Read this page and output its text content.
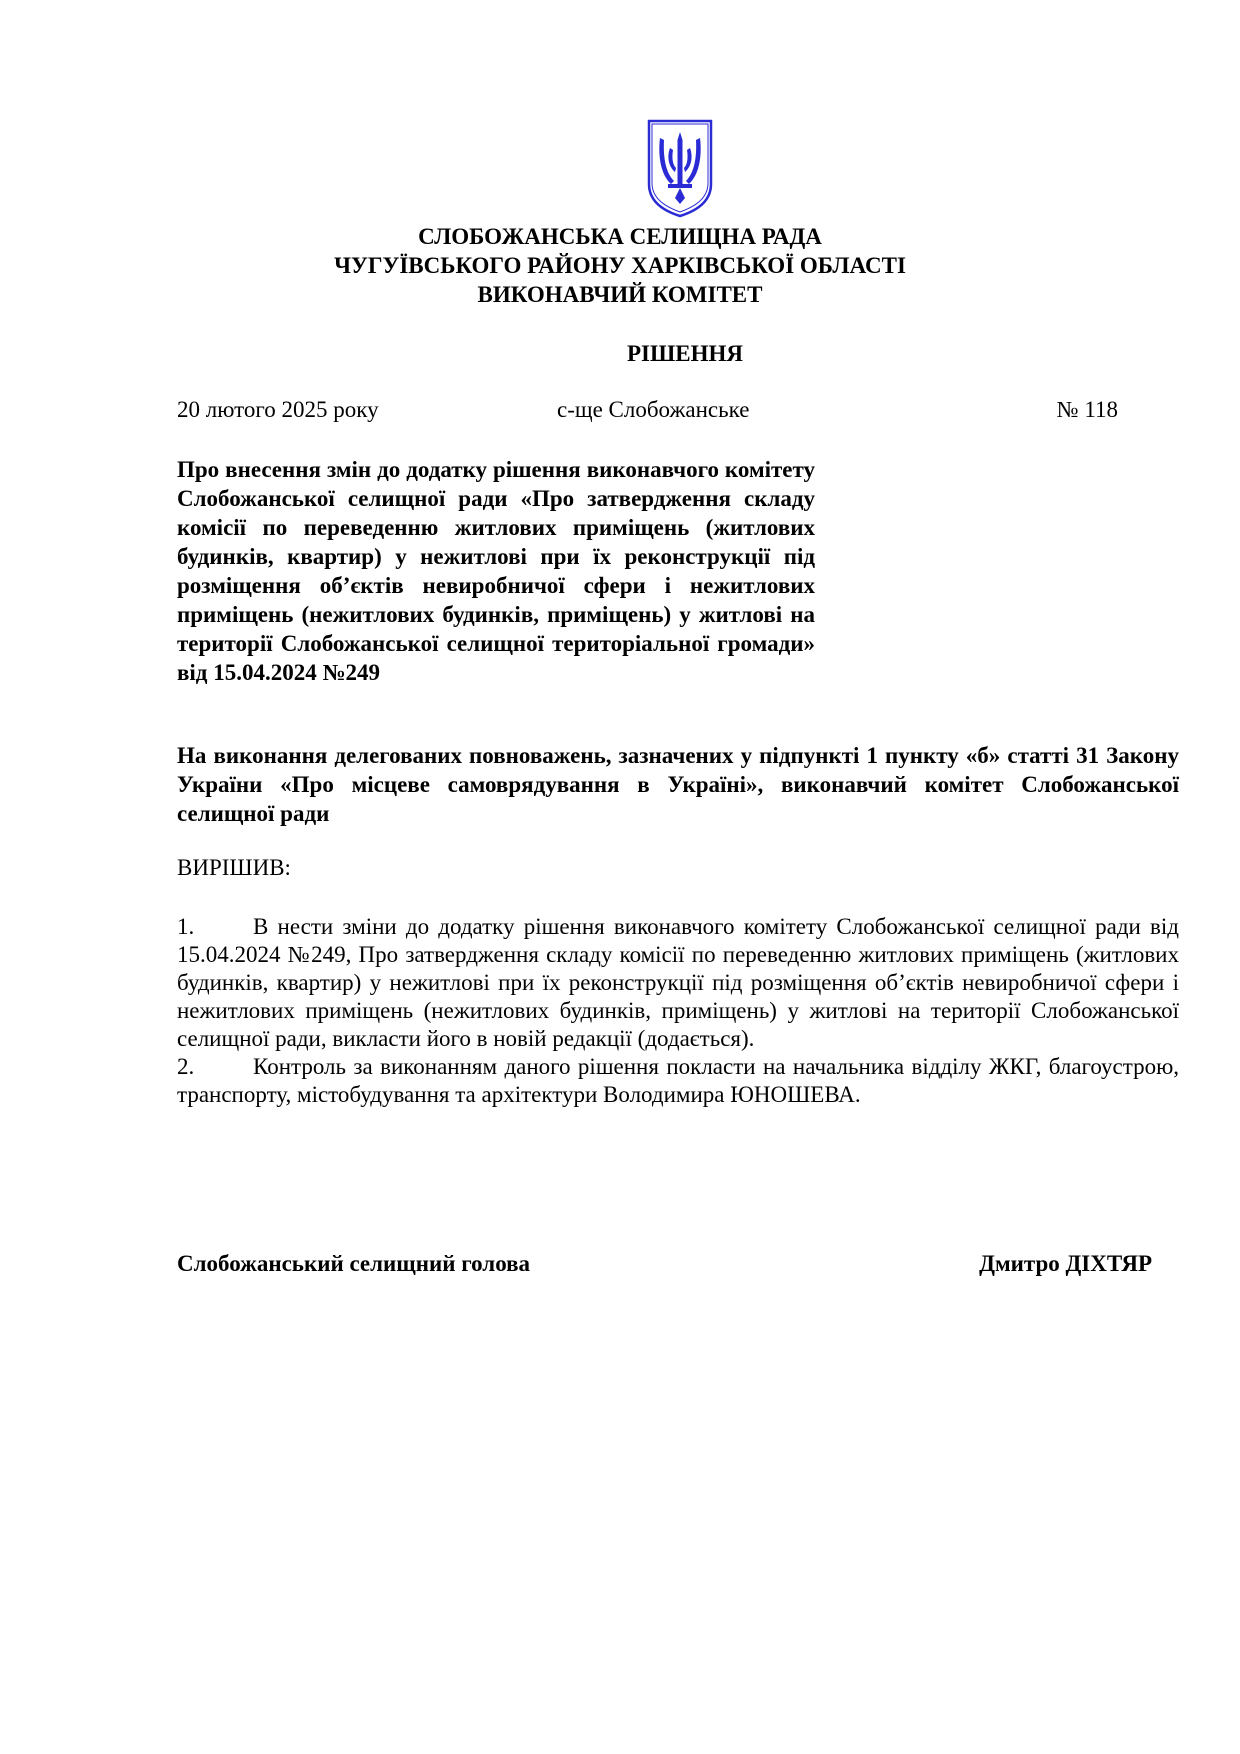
СЛОБОЖАНСЬКА СЕЛИЩНА РАДА
ЧУГУЇВСЬКОГО РАЙОНУ ХАРКІВСЬКОЇ ОБЛАСТІ
ВИКОНАВЧИЙ КОМІТЕТ
РІШЕННЯ
20 лютого 2025 року	с-ще Слобожанське	№ 118
Про внесення змін до додатку рішення виконавчого комітету Слобожанської селищної ради «Про затвердження складу комісії по переведенню житлових приміщень (житлових будинків, квартир) у нежитлові при їх реконструкції під розміщення об’єктів невиробничої сфери і нежитлових приміщень (нежитлових будинків, приміщень) у житлові на території Слобожанської селищної територіальної громади» від 15.04.2024 №249
На виконання делегованих повноважень, зазначених у підпункті 1 пункту «б» статті 31 Закону України «Про місцеве самоврядування в Україні», виконавчий комітет Слобожанської селищної ради
ВИРІШИВ:
1.	В нести зміни до додатку рішення виконавчого комітету Слобожанської селищної ради від 15.04.2024 №249, Про затвердження складу комісії по переведенню житлових приміщень (житлових будинків, квартир) у нежитлові при їх реконструкції під розміщення об’єктів невиробничої сфери і нежитлових приміщень (нежитлових будинків, приміщень) у житлові на території Слобожанської селищної ради, викласти його в новій редакції (додається).
2.	Контроль за виконанням даного рішення покласти на начальника відділу ЖКГ, благоустрою, транспорту, містобудування та архітектури Володимира ЮНОШЕВА.
Слобожанський селищний голова	Дмитро ДІХТЯР
